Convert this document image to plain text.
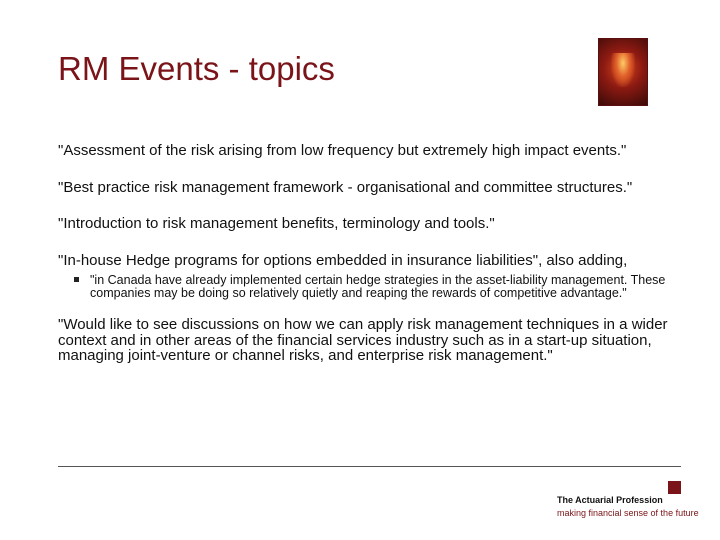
RM Events - topics

"Assessment of the risk arising from low frequency but extremely high impact events."

"Best practice risk management framework - organisational and committee structures."

"Introduction to risk management benefits, terminology and tools."

"In-house Hedge programs for options embedded in insurance liabilities", also adding,

"in Canada have already implemented certain hedge strategies in the asset-liability management. These companies may be doing so relatively quietly and reaping the rewards of competitive advantage."

"Would like to see discussions on how we can apply risk management techniques in a wider context and in other areas of the financial services industry such as in a start-up situation, managing joint-venture or channel risks, and enterprise risk management."

The Actuarial Profession
making financial sense of the future
